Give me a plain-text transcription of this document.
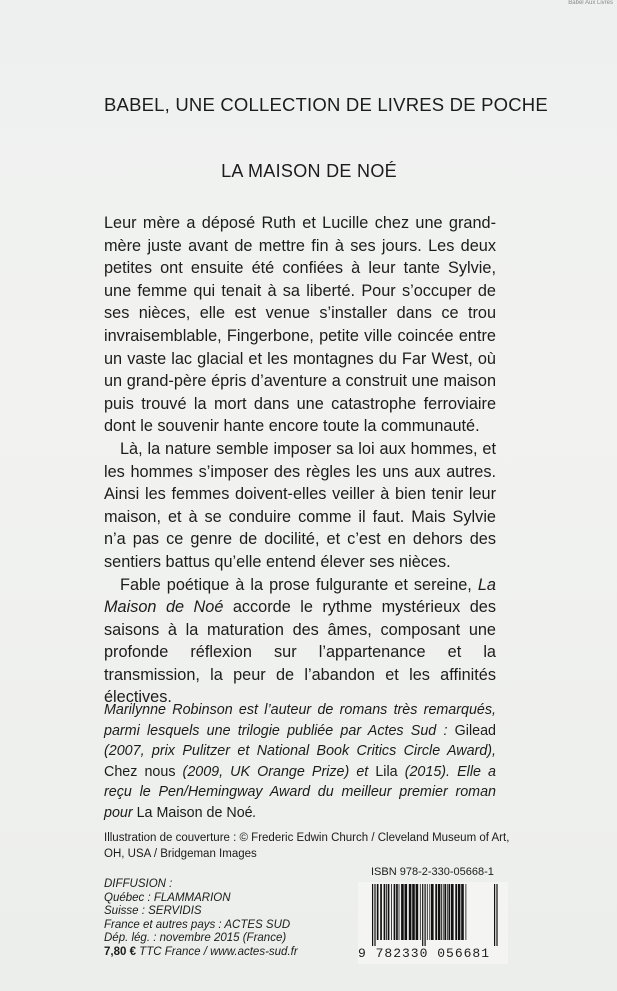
Babel Aux Livres
BABEL, UNE COLLECTION DE LIVRES DE POCHE
LA MAISON DE NOÉ

Leur mère a déposé Ruth et Lucille chez une grand-mère juste avant de mettre fin à ses jours. Les deux petites ont ensuite été confiées à leur tante Sylvie, une femme qui tenait à sa liberté. Pour s’occuper de ses nièces, elle est venue s’installer dans ce trou invraisemblable, Fingerbone, petite ville coincée entre un vaste lac glacial et les montagnes du Far West, où un grand-père épris d’aventure a construit une maison puis trouvé la mort dans une catastrophe ferroviaire dont le souvenir hante encore toute la communauté.

Là, la nature semble imposer sa loi aux hommes, et les hommes s’imposer des règles les uns aux autres. Ainsi les femmes doivent-elles veiller à bien tenir leur maison, et à se conduire comme il faut. Mais Sylvie n’a pas ce genre de docilité, et c’est en dehors des sentiers battus qu’elle entend élever ses nièces.

Fable poétique à la prose fulgurante et sereine, La Maison de Noé accorde le rythme mystérieux des saisons à la maturation des âmes, composant une profonde réflexion sur l’appartenance et la transmission, la peur de l’abandon et les affinités électives.

Marilynne Robinson est l’auteur de romans très remarqués, parmi lesquels une trilogie publiée par Actes Sud : Gilead (2007, prix Pulitzer et National Book Critics Circle Award), Chez nous (2009, UK Orange Prize) et Lila (2015). Elle a reçu le Pen/Hemingway Award du meilleur premier roman pour La Maison de Noé.
Illustration de couverture : © Frederic Edwin Church / Cleveland Museum of Art, OH, USA / Bridgeman Images
ISBN 978-2-330-05668-1
DIFFUSION :
Québec : FLAMMARION
Suisse : SERVIDIS
France et autres pays : ACTES SUD
Dép. lég. : novembre 2015 (France)
7,80 € TTC France / www.actes-sud.fr	9 782330 056681
